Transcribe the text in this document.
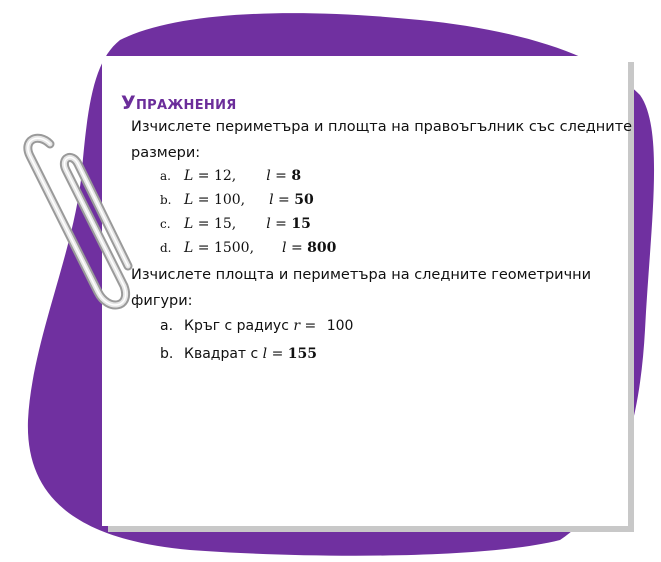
Упражнения
Изчислете периметъра и площта на правоъгълник със следните
размери:
a. L = 12, l = 8
b. L = 100, l = 50
c. L = 15, l = 15
d. L = 1500, l = 800
Изчислете площта и периметъра на следните геометрични
фигури:
a. Кръг с радиус r = 100
b. Квадрат с l = 155
